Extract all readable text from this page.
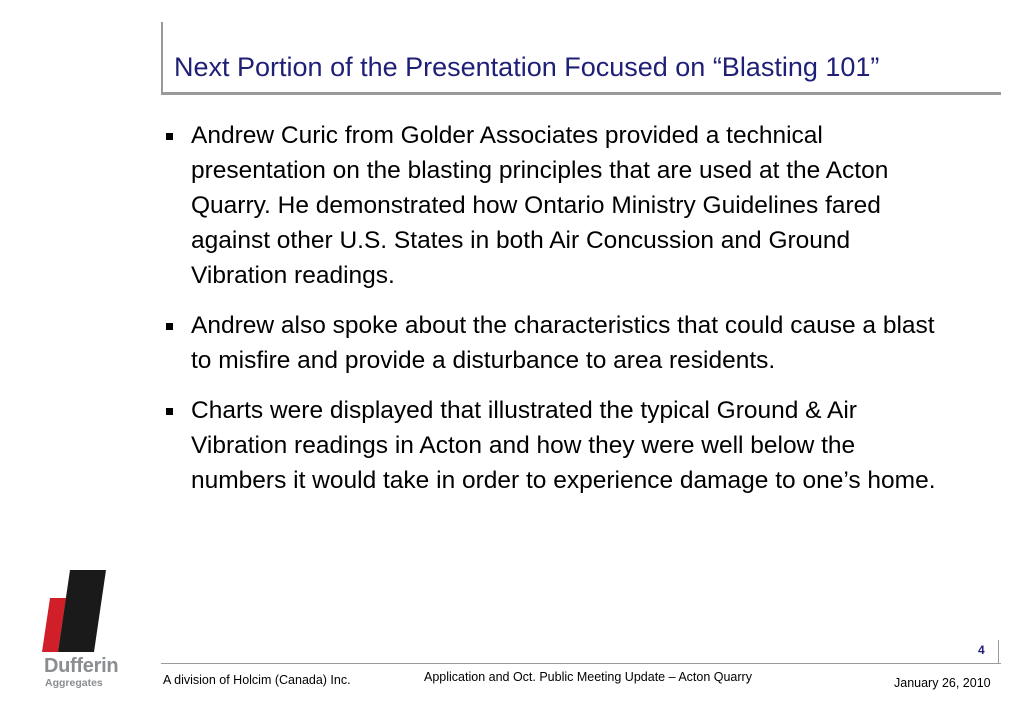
Next Portion of the Presentation Focused on “Blasting 101”
Andrew Curic from Golder Associates provided a technical presentation on the blasting principles that are used at the Acton Quarry. He demonstrated how Ontario Ministry Guidelines fared against other U.S. States in both Air Concussion and Ground Vibration readings.
Andrew also spoke about the characteristics that could cause a blast to misfire and provide a disturbance to area residents.
Charts were displayed that illustrated the typical Ground & Air Vibration readings in Acton and how they were well below the numbers it would take in order to experience damage to one’s home.
Dufferin
Aggregates
4
A division of Holcim (Canada) Inc.	Application and Oct. Public Meeting Update – Acton Quarry	January 26, 2010
